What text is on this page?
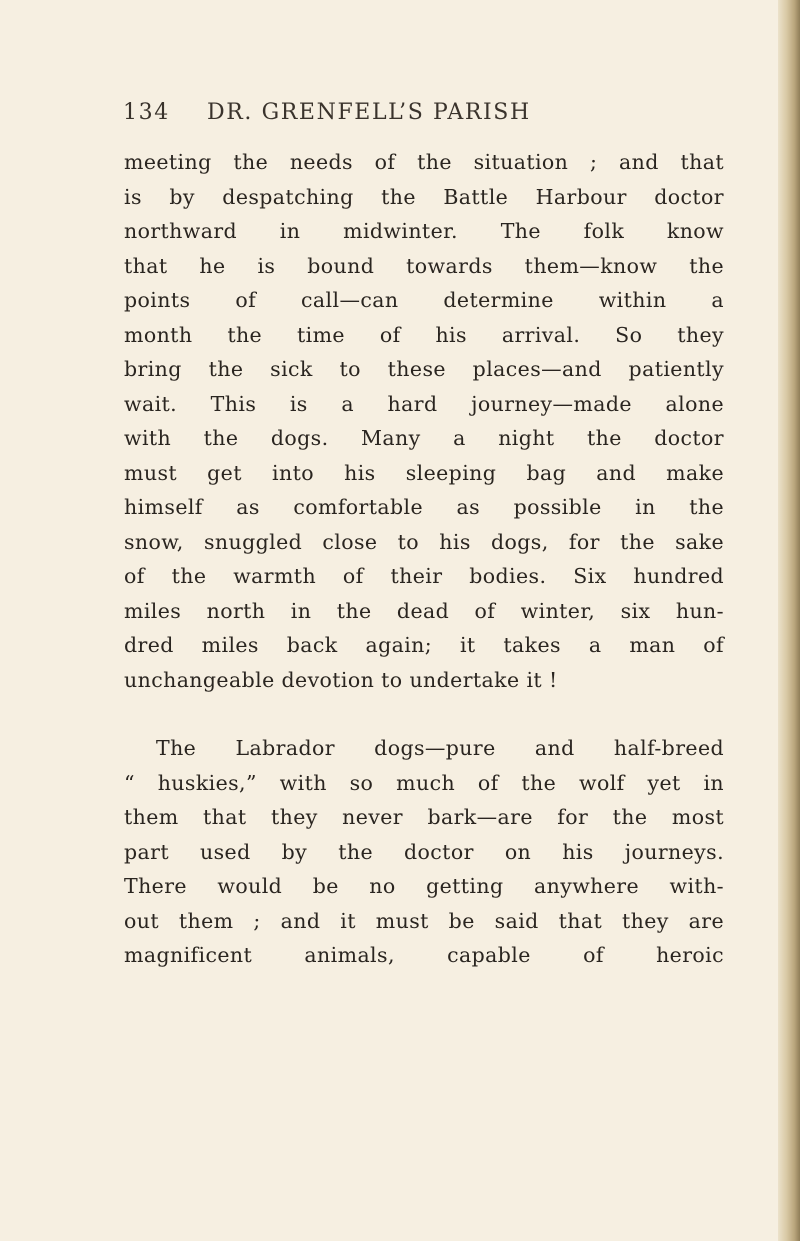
134 DR. GRENFELL’S PARISH
meeting the needs of the situation ; and that
is by despatching the Battle Harbour doctor
northward in midwinter. The folk know
that he is bound towards them—know the
points of call—can determine within a
month the time of his arrival. So they
bring the sick to these places—and patiently
wait. This is a hard journey—made alone
with the dogs. Many a night the doctor
must get into his sleeping bag and make
himself as comfortable as possible in the
snow, snuggled close to his dogs, for the sake
of the warmth of their bodies. Six hundred
miles north in the dead of winter, six hun-
dred miles back again; it takes a man of
unchangeable devotion to undertake it !
The Labrador dogs—pure and half-breed
“ huskies,” with so much of the wolf yet in
them that they never bark—are for the most
part used by the doctor on his journeys.
There would be no getting anywhere with-
out them ; and it must be said that they are
magnificent animals, capable of heroic
